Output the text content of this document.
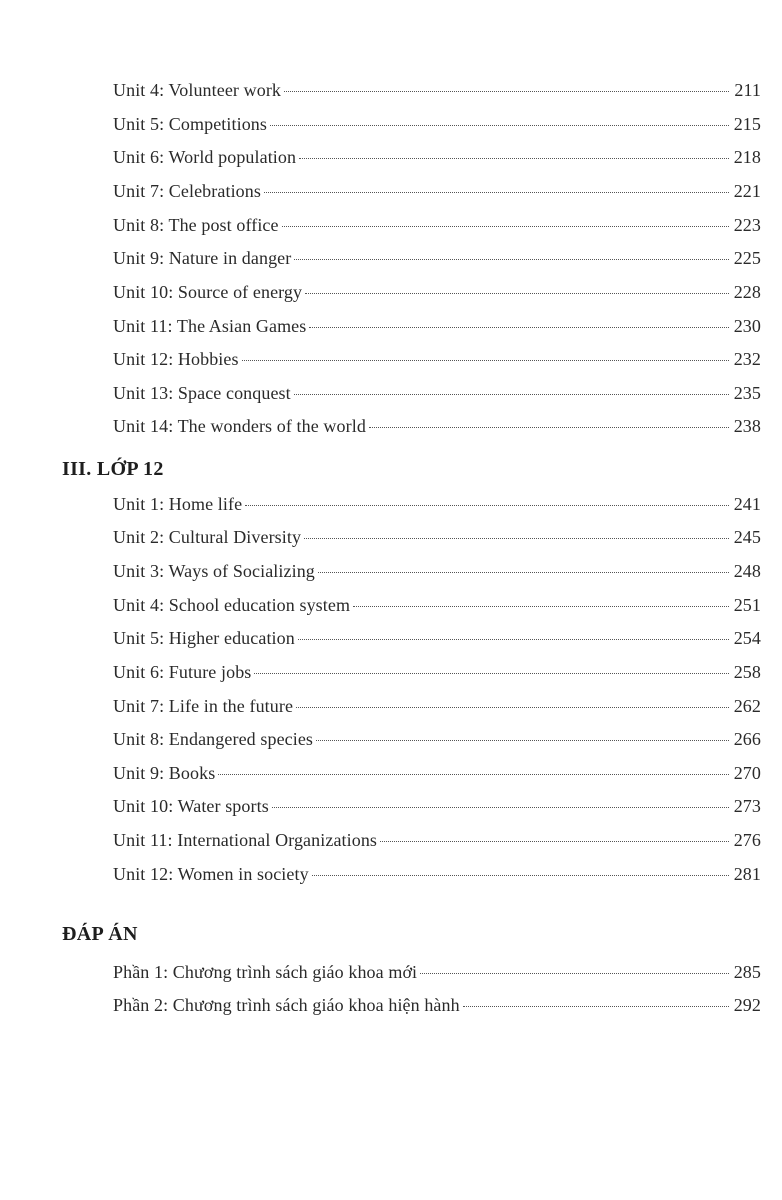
Unit 4: Volunteer work	211
Unit 5: Competitions	215
Unit 6: World population	218
Unit 7: Celebrations	221
Unit 8: The post office	223
Unit 9: Nature in danger	225
Unit 10: Source of energy	228
Unit 11: The Asian Games	230
Unit 12: Hobbies	232
Unit 13: Space conquest	235
Unit 14: The wonders of the world	238
III. LỚP 12
Unit 1: Home life	241
Unit 2: Cultural Diversity	245
Unit 3: Ways of Socializing	248
Unit 4: School education system	251
Unit 5: Higher education	254
Unit 6: Future jobs	258
Unit 7: Life in the future	262
Unit 8: Endangered species	266
Unit 9: Books	270
Unit 10: Water sports	273
Unit 11: International Organizations	276
Unit 12: Women in society	281
ĐÁP ÁN
Phần 1: Chương trình sách giáo khoa mới	285
Phần 2: Chương trình sách giáo khoa hiện hành	292
